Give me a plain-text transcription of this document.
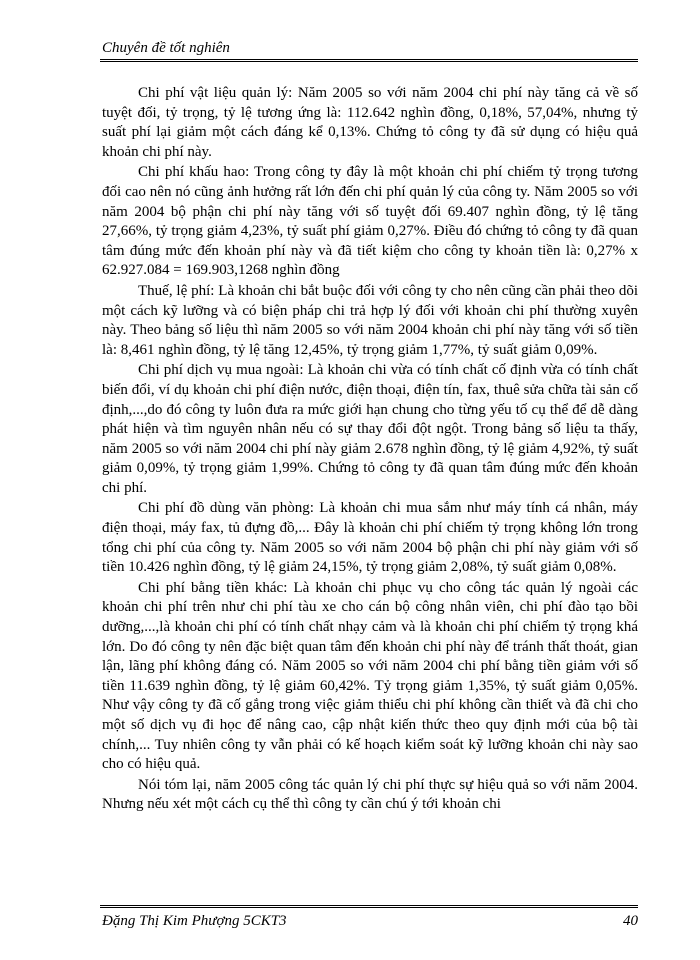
Chuyên đề tốt nghiên

Chi phí vật liệu quản lý: Năm 2005 so với năm 2004 chi phí này tăng cả về số tuyệt đối, tỷ trọng, tỷ lệ tương ứng là: 112.642 nghìn đồng, 0,18%, 57,04%, nhưng tỷ suất phí lại giảm một cách đáng kể 0,13%. Chứng tỏ công ty đã sử dụng có hiệu quả khoản chi phí này.

Chi phí khấu hao: Trong công ty đây là một khoản chi phí chiếm tỷ trọng tương đối cao nên nó cũng ảnh hưởng rất lớn đến chi phí quản lý của công ty. Năm 2005 so với năm 2004 bộ phận chi phí này tăng với số tuyệt đối 69.407 nghìn đồng, tỷ lệ tăng 27,66%, tỷ trọng giảm 4,23%, tỷ suất phí giảm 0,27%. Điều đó chứng tỏ công ty đã quan tâm đúng mức đến khoản phí này và đã tiết kiệm cho công ty khoản tiền là: 0,27% x 62.927.084 = 169.903,1268 nghìn đồng

Thuế, lệ phí: Là khoản chi bắt buộc đối với công ty cho nên cũng cần phải theo dõi một cách kỹ lưỡng và có biện pháp chi trả hợp lý đối với khoản chi phí thường xuyên này. Theo bảng số liệu thì năm 2005 so với năm 2004 khoản chi phí này tăng với số tiền là: 8,461 nghìn đồng, tỷ lệ tăng 12,45%, tỷ trọng giảm 1,77%, tỷ suất giảm 0,09%.

Chi phí dịch vụ mua ngoài: Là khoản chi vừa có tính chất cố định vừa có tính chất biến đổi, ví dụ khoản chi phí điện nước, điện thoại, điện tín, fax, thuê sửa chữa tài sản cố định,...,do đó công ty luôn đưa ra mức giới hạn chung cho từng yếu tố cụ thể để dễ dàng phát hiện và tìm nguyên nhân nếu có sự thay đổi đột ngột. Trong bảng số liệu ta thấy, năm 2005 so với năm 2004 chi phí này giảm 2.678 nghìn đồng, tỷ lệ giảm 4,92%, tỷ suất giảm 0,09%, tỷ trọng giảm 1,99%. Chứng tỏ công ty đã quan tâm đúng mức đến khoản chi phí.

Chi phí đồ dùng văn phòng: Là khoản chi mua sắm như máy tính cá nhân, máy điện thoại, máy fax, tủ đựng đồ,... Đây là khoản chi phí chiếm tỷ trọng không lớn trong tổng chi phí của công ty. Năm 2005 so với năm 2004 bộ phận chi phí này giảm với số tiền 10.426 nghìn đồng, tỷ lệ giảm 24,15%, tỷ trọng giảm 2,08%, tỷ suất giảm 0,08%.

Chi phí bằng tiền khác: Là khoản chi phục vụ cho công tác quản lý ngoài các khoản chi phí trên như chi phí tàu xe cho cán bộ công nhân viên, chi phí đào tạo bồi dưỡng,...,là khoản chi phí có tính chất nhạy cảm và là khoản chi phí chiếm tỷ trọng khá lớn. Do đó công ty nên đặc biệt quan tâm đến khoản chi phí này để tránh thất thoát, gian lận, lãng phí không đáng có. Năm 2005 so với năm 2004 chi phí bằng tiền giảm với số tiền 11.639 nghìn đồng, tỷ lệ giảm 60,42%. Tỷ trọng giảm 1,35%, tỷ suất giảm 0,05%. Như vậy công ty đã cố gắng trong việc giảm thiểu chi phí không cần thiết và đã chi cho một số dịch vụ đi học để nâng cao, cập nhật kiến thức theo quy định mới của bộ tài chính,... Tuy nhiên công ty vẫn phải có kế hoạch kiểm soát kỹ lưỡng khoản chi này sao cho có hiệu quả.

Nói tóm lại, năm 2005 công tác quản lý chi phí thực sự hiệu quả so với năm 2004. Nhưng nếu xét một cách cụ thể thì công ty cần chú ý tới khoản chi

Đặng Thị Kim Phượng 5CKT3	40
